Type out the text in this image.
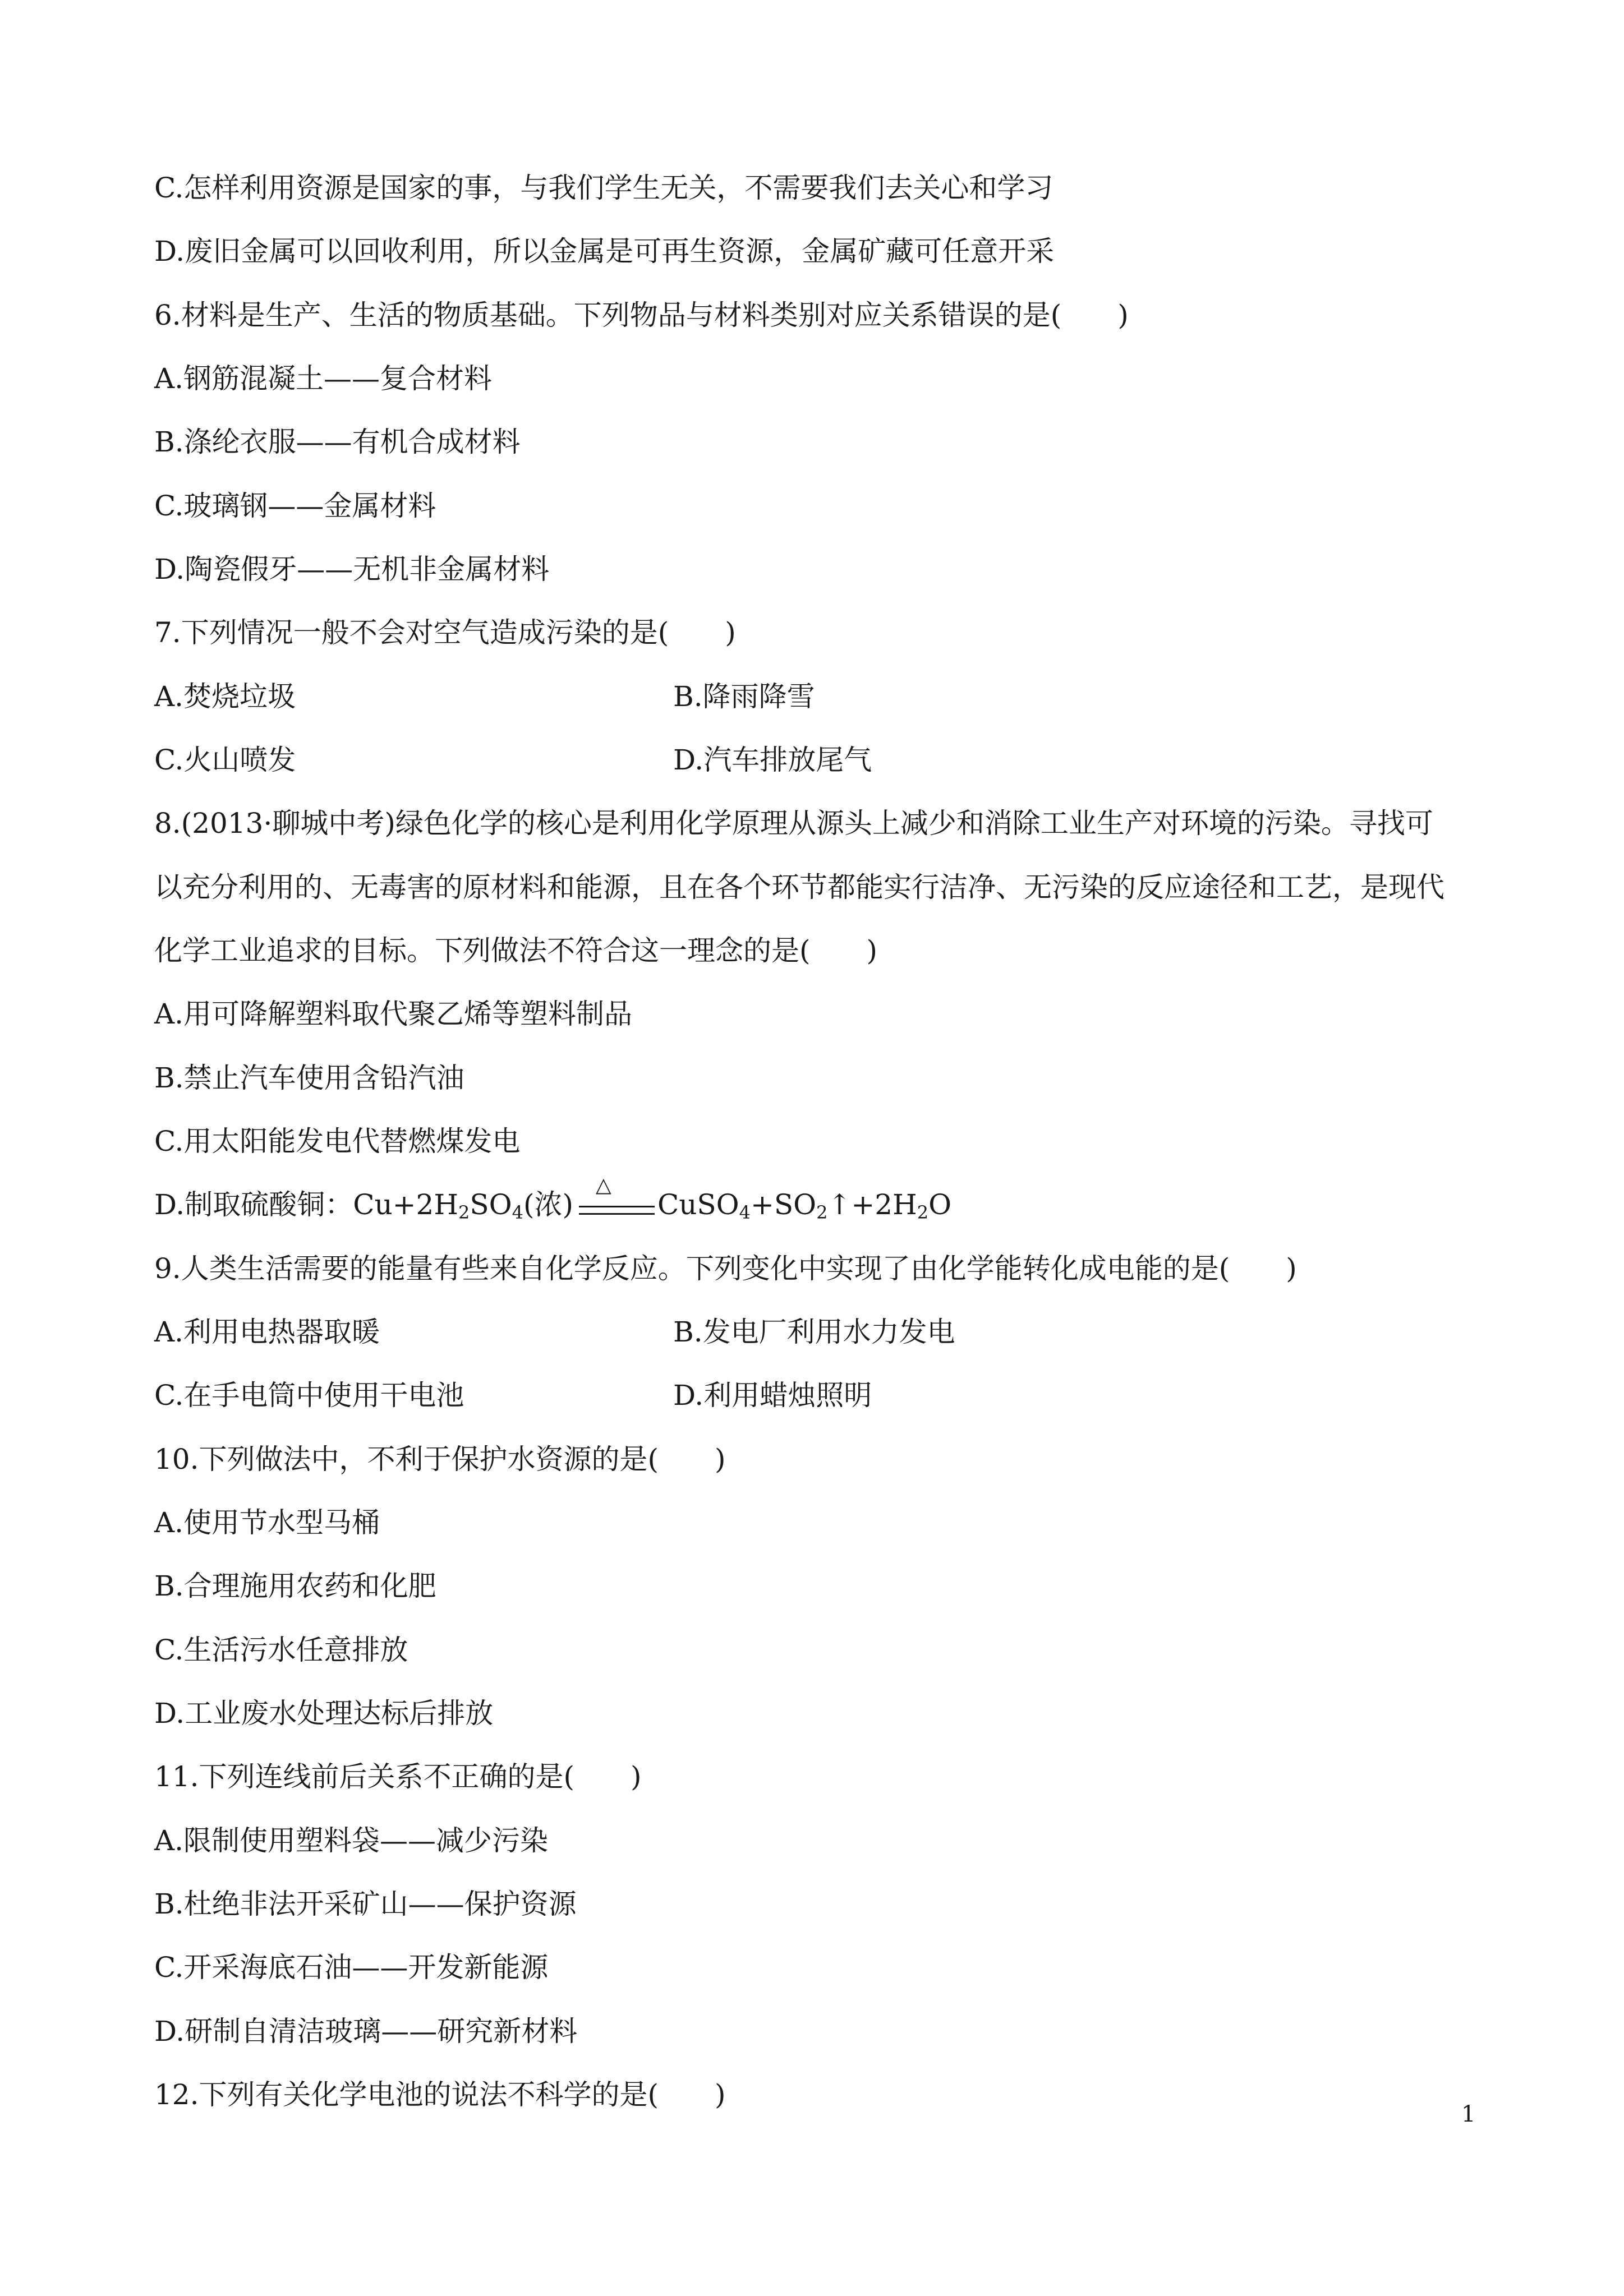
C.怎样利用资源是国家的事，与我们学生无关，不需要我们去关心和学习
D.废旧金属可以回收利用，所以金属是可再生资源，金属矿藏可任意开采
6.材料是生产、生活的物质基础。下列物品与材料类别对应关系错误的是(　　)
A.钢筋混凝土——复合材料
B.涤纶衣服——有机合成材料
C.玻璃钢——金属材料
D.陶瓷假牙——无机非金属材料
7.下列情况一般不会对空气造成污染的是(　　)
A.焚烧垃圾	B.降雨降雪
C.火山喷发	D.汽车排放尾气
8.(2013·聊城中考)绿色化学的核心是利用化学原理从源头上减少和消除工业生产对环境的污染。寻找可
以充分利用的、无毒害的原材料和能源，且在各个环节都能实行洁净、无污染的反应途径和工艺，是现代
化学工业追求的目标。下列做法不符合这一理念的是(　　)
A.用可降解塑料取代聚乙烯等塑料制品
B.禁止汽车使用含铅汽油
C.用太阳能发电代替燃煤发电
D.制取硫酸铜：$Cu+2H_2SO_4$(浓)
△
$CuSO_4+SO_2↑+2H_2O$
9.人类生活需要的能量有些来自化学反应。下列变化中实现了由化学能转化成电能的是(　　)
A.利用电热器取暖	B.发电厂利用水力发电
C.在手电筒中使用干电池	D.利用蜡烛照明
10.下列做法中，不利于保护水资源的是(　　)
A.使用节水型马桶
B.合理施用农药和化肥
C.生活污水任意排放
D.工业废水处理达标后排放
11.下列连线前后关系不正确的是(　　)
A.限制使用塑料袋——减少污染
B.杜绝非法开采矿山——保护资源
C.开采海底石油——开发新能源
D.研制自清洁玻璃——研究新材料
12.下列有关化学电池的说法不科学的是(　　)
1
